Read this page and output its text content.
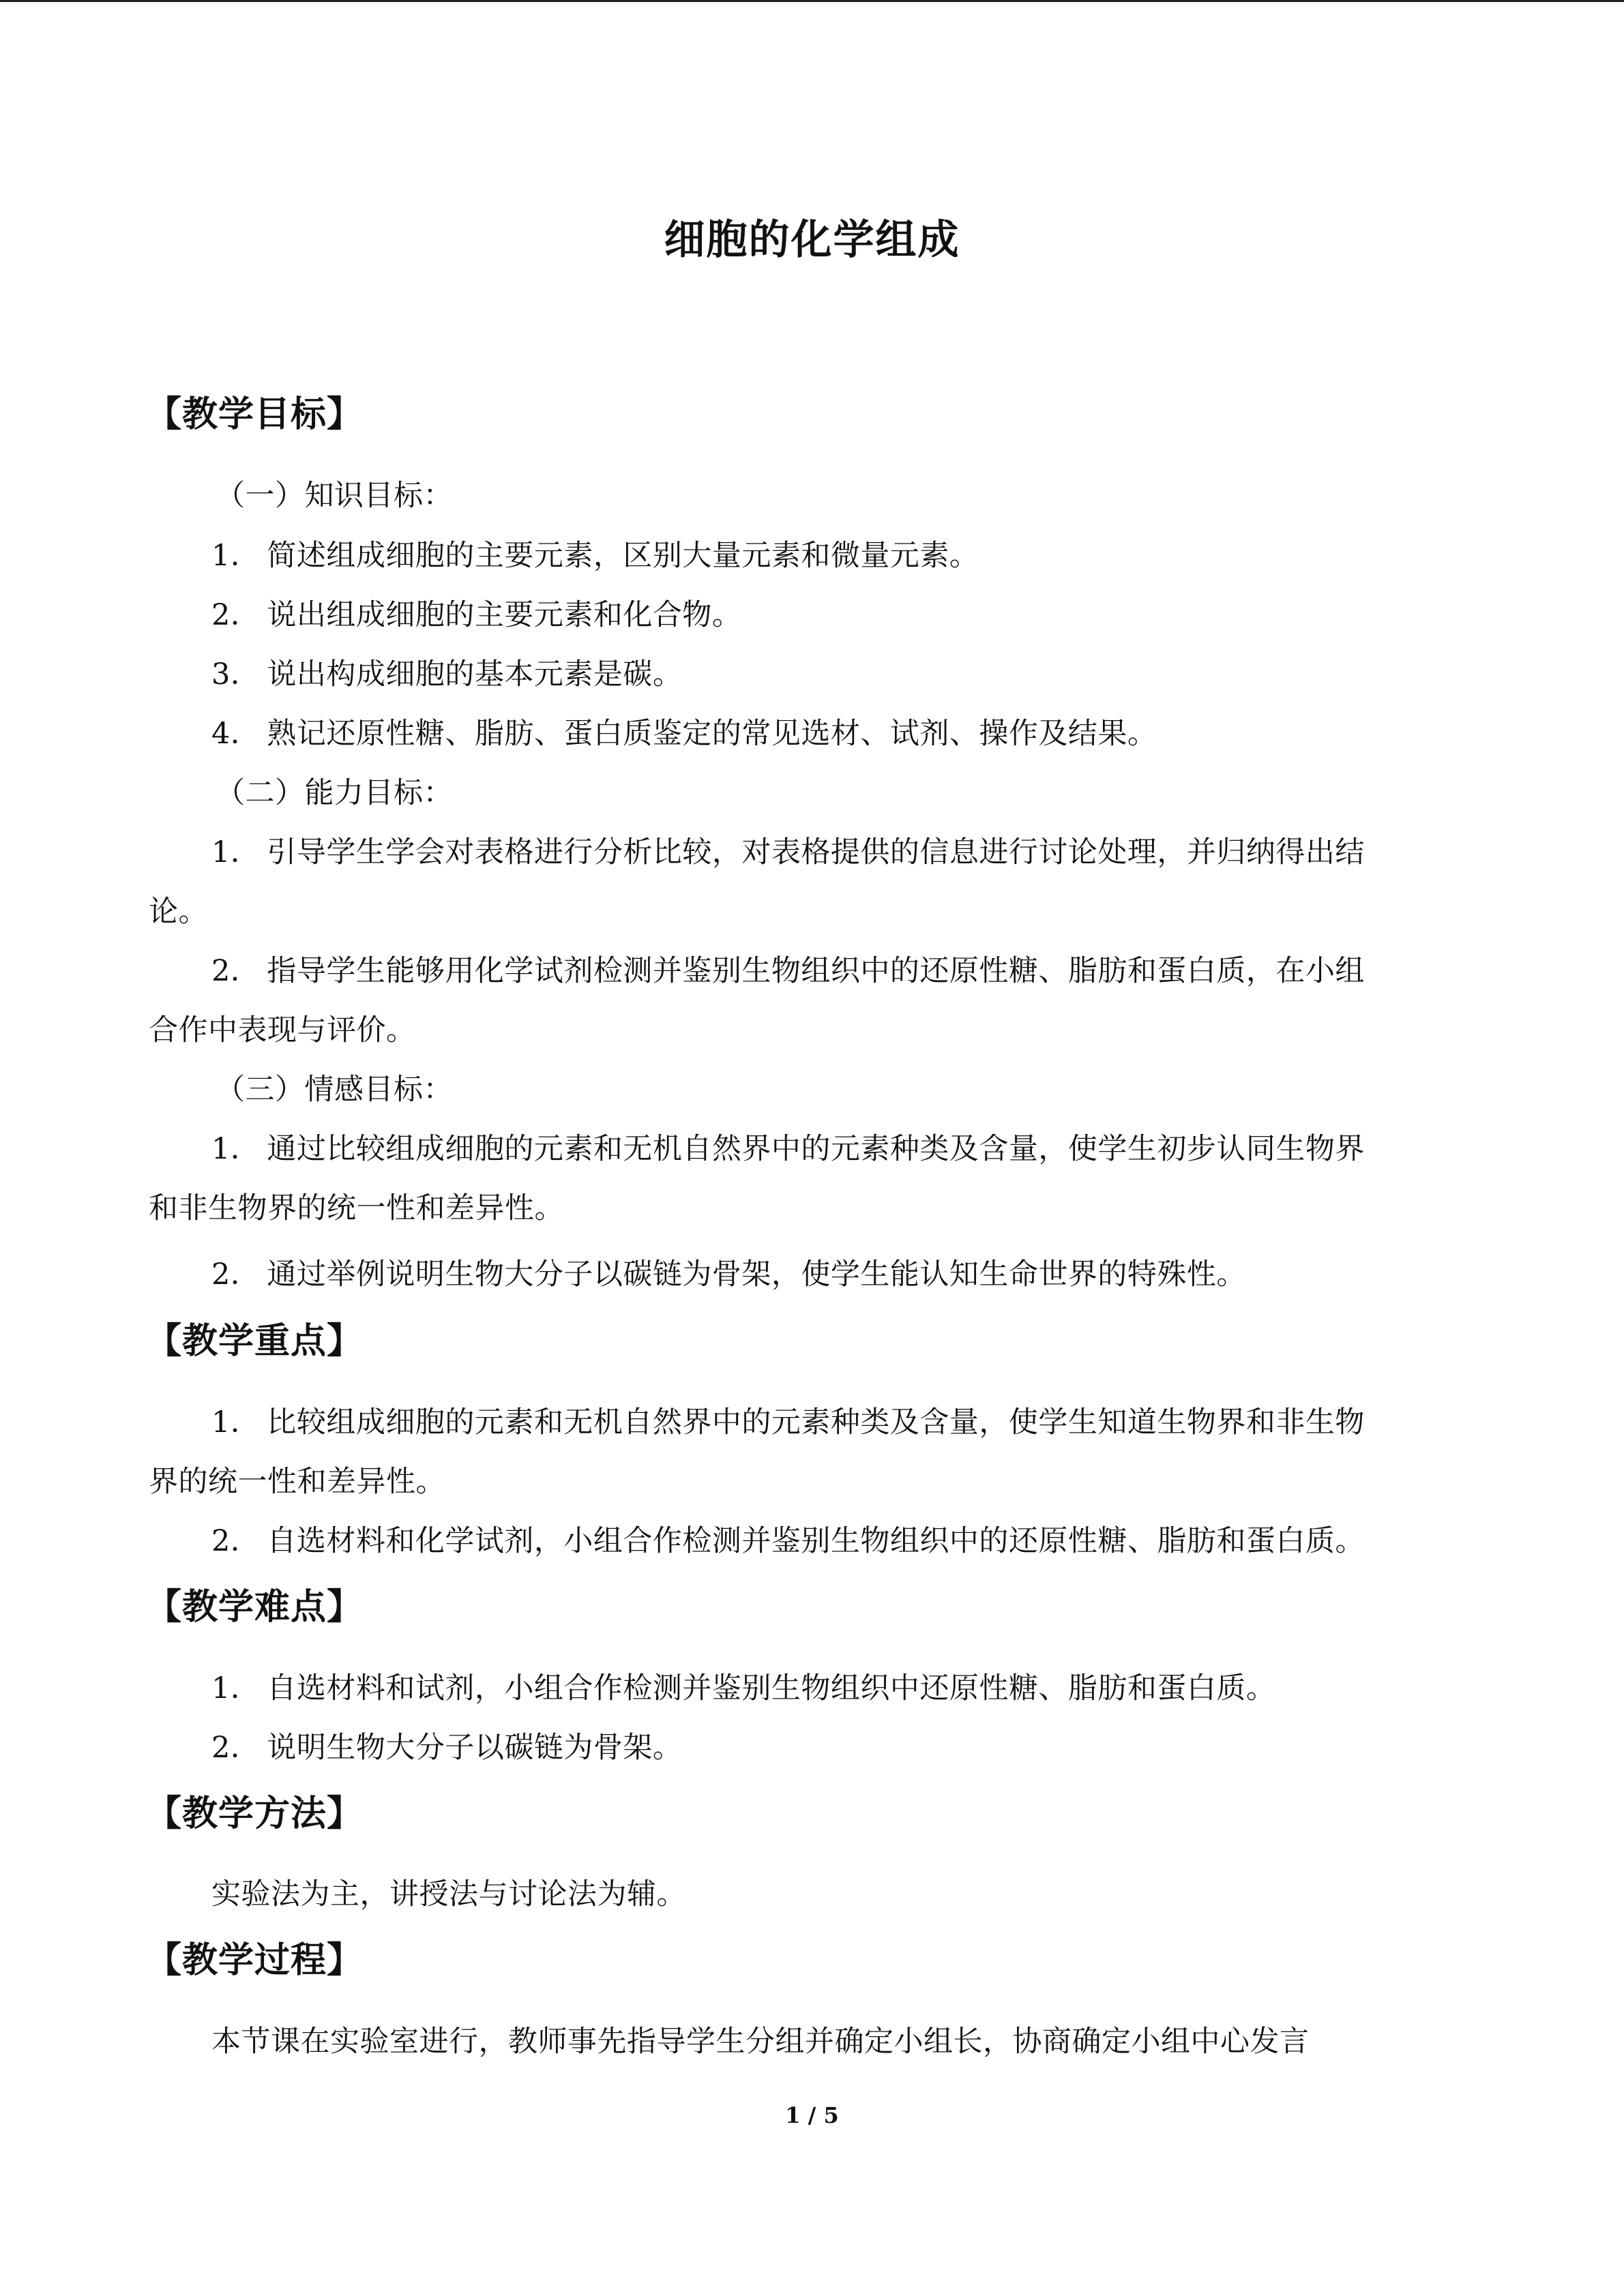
细胞的化学组成
【教学目标】
（一）知识目标：
1． 简述组成细胞的主要元素，区别大量元素和微量元素。
2． 说出组成细胞的主要元素和化合物。
3． 说出构成细胞的基本元素是碳。
4． 熟记还原性糖、脂肪、蛋白质鉴定的常见选材、试剂、操作及结果。
（二）能力目标：
1． 引导学生学会对表格进行分析比较，对表格提供的信息进行讨论处理，并归纳得出结
论。
2． 指导学生能够用化学试剂检测并鉴别生物组织中的还原性糖、脂肪和蛋白质，在小组
合作中表现与评价。
（三）情感目标：
1． 通过比较组成细胞的元素和无机自然界中的元素种类及含量，使学生初步认同生物界
和非生物界的统一性和差异性。
2． 通过举例说明生物大分子以碳链为骨架，使学生能认知生命世界的特殊性。
【教学重点】
1． 比较组成细胞的元素和无机自然界中的元素种类及含量，使学生知道生物界和非生物
界的统一性和差异性。
2． 自选材料和化学试剂，小组合作检测并鉴别生物组织中的还原性糖、脂肪和蛋白质。
【教学难点】
1． 自选材料和试剂，小组合作检测并鉴别生物组织中还原性糖、脂肪和蛋白质。
2． 说明生物大分子以碳链为骨架。
【教学方法】
实验法为主，讲授法与讨论法为辅。
【教学过程】
本节课在实验室进行，教师事先指导学生分组并确定小组长，协商确定小组中心发言
1 / 5
